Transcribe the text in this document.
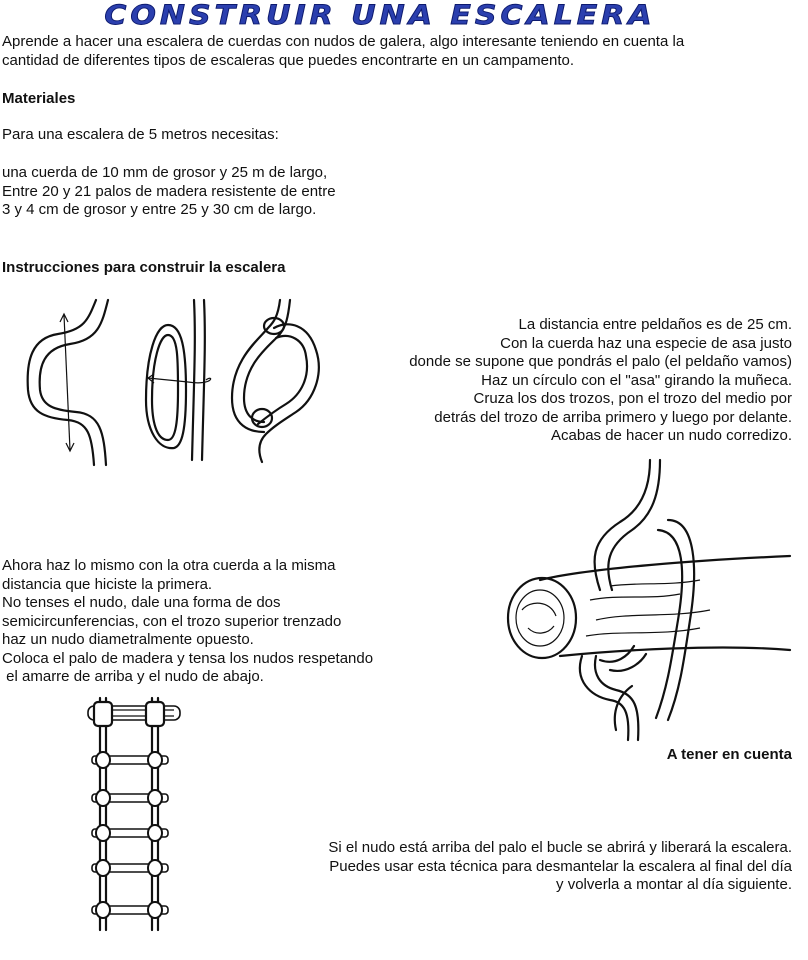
CONSTRUIR UNA ESCALERA
Aprende a hacer una escalera de cuerdas con nudos de galera, algo interesante teniendo en cuenta la
cantidad de diferentes tipos de escaleras que puedes encontrarte en un campamento.
Materiales
Para una escalera de 5 metros necesitas:
una cuerda de 10 mm de grosor y 25 m de largo,
Entre 20 y 21 palos de madera resistente de entre
3 y 4 cm de grosor y entre 25 y 30 cm de largo.
Instrucciones para construir la escalera
La distancia entre peldaños es de 25 cm.
Con la cuerda haz una especie de asa justo
donde se supone que pondrás el palo (el peldaño vamos)
Haz un círculo con el "asa" girando la muñeca.
Cruza los dos trozos, pon el trozo del medio por
detrás del trozo de arriba primero y luego por delante.
Acabas de hacer un nudo corredizo.
Ahora haz lo mismo con la otra cuerda a la misma
distancia que hiciste la primera.
No tenses el nudo, dale una forma de dos
semicircunferencias, con el trozo superior trenzado
haz un nudo diametralmente opuesto.
Coloca el palo de madera y tensa los nudos respetando
el amarre de arriba y el nudo de abajo.
A tener en cuenta
Si el nudo está arriba del palo el bucle se abrirá y liberará la escalera.
Puedes usar esta técnica para desmantelar la escalera al final del día
y volverla a montar al día siguiente.
